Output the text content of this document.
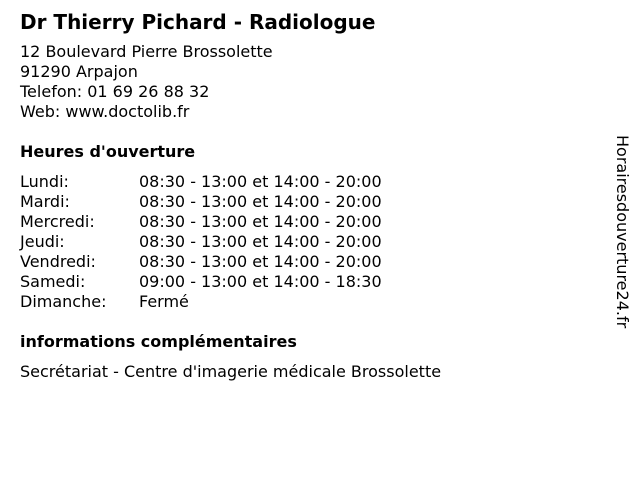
Dr Thierry Pichard - Radiologue
12 Boulevard Pierre Brossolette
91290 Arpajon
Telefon: 01 69 26 88 32
Web: www.doctolib.fr
Heures d'ouverture
Lundi:	08:30 - 13:00 et 14:00 - 20:00
Mardi:	08:30 - 13:00 et 14:00 - 20:00
Mercredi:	08:30 - 13:00 et 14:00 - 20:00
Jeudi:	08:30 - 13:00 et 14:00 - 20:00
Vendredi:	08:30 - 13:00 et 14:00 - 20:00
Samedi:	09:00 - 13:00 et 14:00 - 18:30
Dimanche:	Fermé
informations complémentaires
Secrétariat - Centre d'imagerie médicale Brossolette
Horairesdouverture24.fr
